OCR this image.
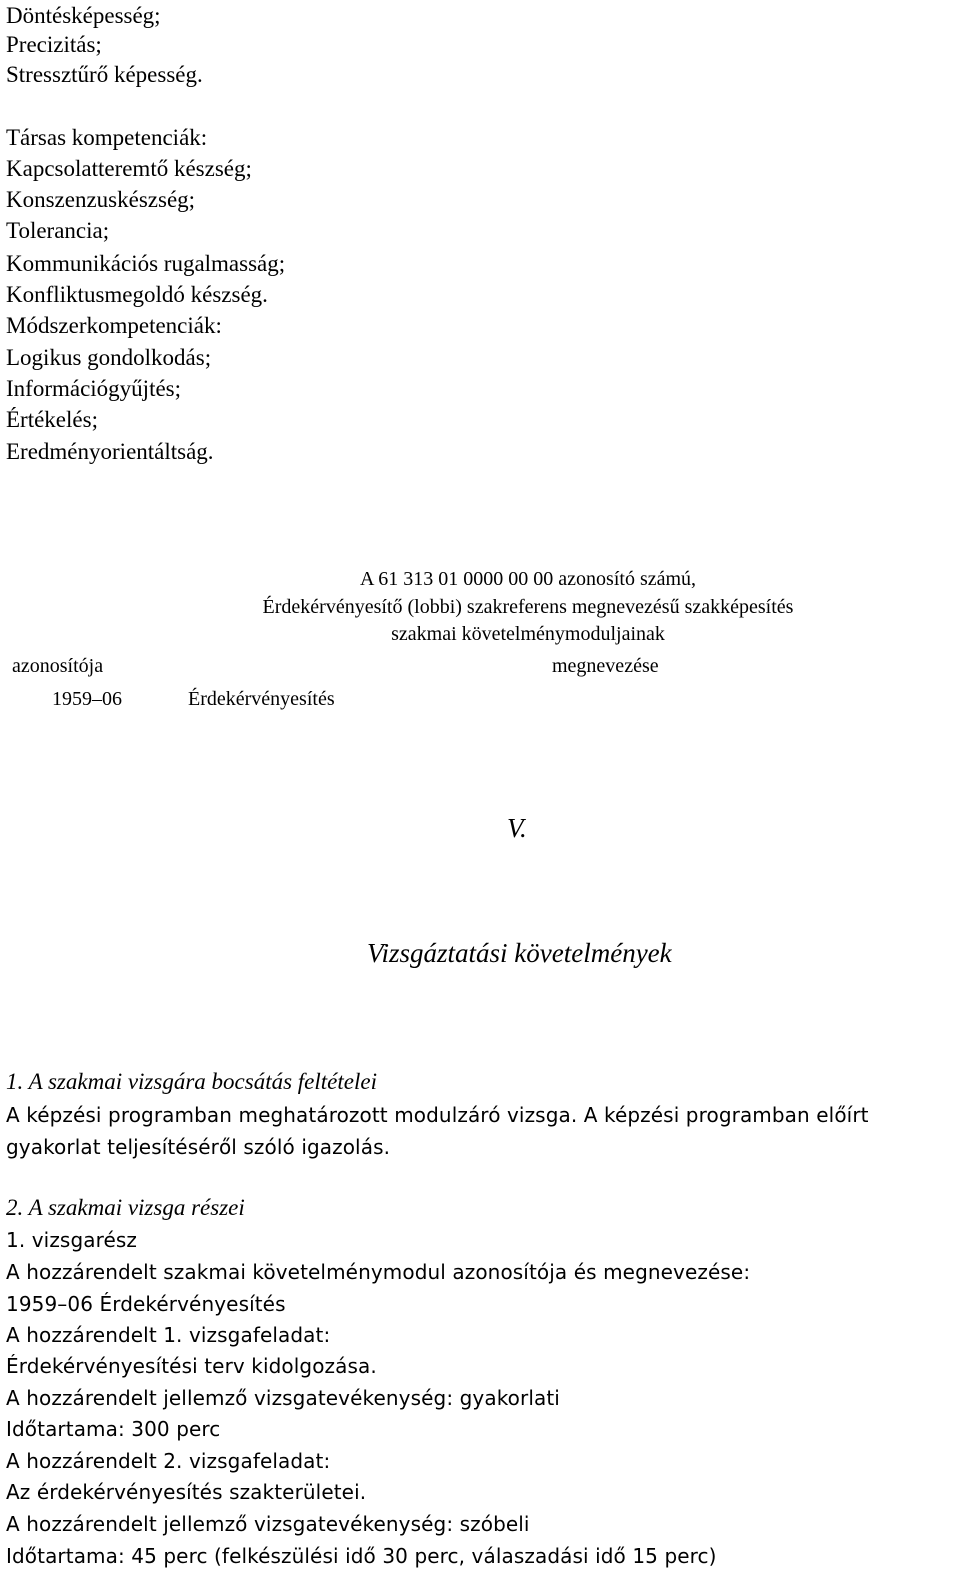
Döntésképesség;
Precizitás;
Stressztűrő képesség.
Társas kompetenciák:
Kapcsolatteremtő készség;
Konszenzuskészség;
Tolerancia;
Kommunikációs rugalmasság;
Konfliktusmegoldó készség.
Módszerkompetenciák:
Logikus gondolkodás;
Információgyűjtés;
Értékelés;
Eredményorientáltság.
A 61 313 01 0000 00 00 azonosító számú,
Érdekérvényesítő (lobbi) szakreferens megnevezésű szakképesítés
szakmai követelménymoduljainak
azonosítója	megnevezése
1959–06	Érdekérvényesítés
V.
Vizsgáztatási követelmények
1. A szakmai vizsgára bocsátás feltételei
A képzési programban meghatározott modulzáró vizsga. A képzési programban előírt
gyakorlat teljesítéséről szóló igazolás.
2. A szakmai vizsga részei
1. vizsgarész
A hozzárendelt szakmai követelménymodul azonosítója és megnevezése:
1959–06 Érdekérvényesítés
A hozzárendelt 1. vizsgafeladat:
Érdekérvényesítési terv kidolgozása.
A hozzárendelt jellemző vizsgatevékenység: gyakorlati
Időtartama: 300 perc
A hozzárendelt 2. vizsgafeladat:
Az érdekérvényesítés szakterületei.
A hozzárendelt jellemző vizsgatevékenység: szóbeli
Időtartama: 45 perc (felkészülési idő 30 perc, válaszadási idő 15 perc)
